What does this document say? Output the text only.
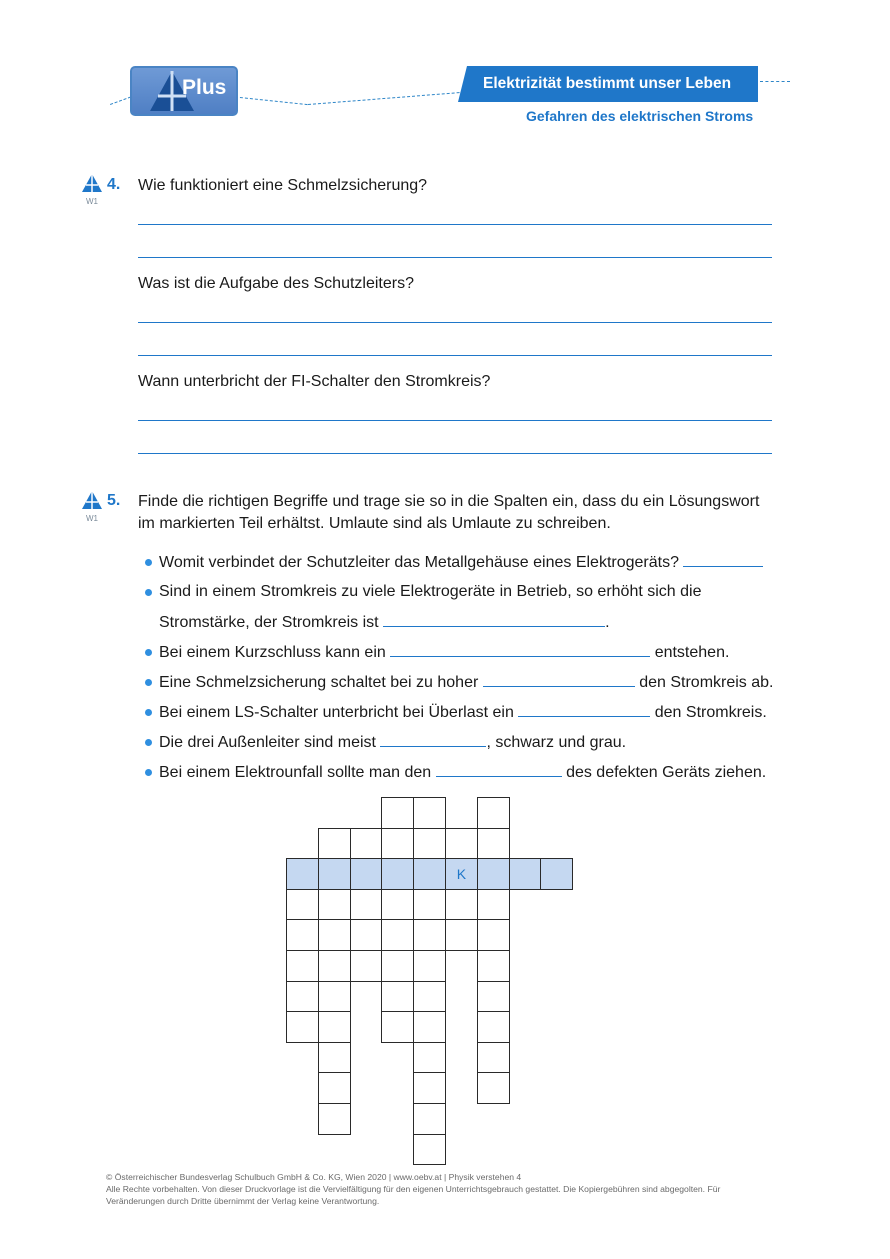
Plus	Elektrizität bestimmt unser Leben
Gefahren des elektrischen Stroms
4.
W1
Wie funktioniert eine Schmelzsicherung?
Was ist die Aufgabe des Schutzleiters?
Wann unterbricht der FI-Schalter den Stromkreis?
5.
W1
Finde die richtigen Begriffe und trage sie so in die Spalten ein, dass du ein Lösungswort
im markierten Teil erhältst. Umlaute sind als Umlaute zu schreiben.
Womit verbindet der Schutzleiter das Metallgehäuse eines Elektrogeräts?
Sind in einem Stromkreis zu viele Elektrogeräte in Betrieb, so erhöht sich die
Stromstärke, der Stromkreis ist	.
Bei einem Kurzschluss kann ein	entstehen.
Eine Schmelzsicherung schaltet bei zu hoher	den Stromkreis ab.
Bei einem LS-Schalter unterbricht bei Überlast ein	den Stromkreis.
Die drei Außenleiter sind meist	, schwarz und grau.
Bei einem Elektrounfall sollte man den	des defekten Geräts ziehen.
K
© Österreichischer Bundesverlag Schulbuch GmbH & Co. KG, Wien 2020 | www.oebv.at | Physik verstehen 4
Alle Rechte vorbehalten. Von dieser Druckvorlage ist die Vervielfältigung für den eigenen Unterrichtsgebrauch gestattet. Die Kopiergebühren sind abgegolten. Für
Veränderungen durch Dritte übernimmt der Verlag keine Verantwortung.
